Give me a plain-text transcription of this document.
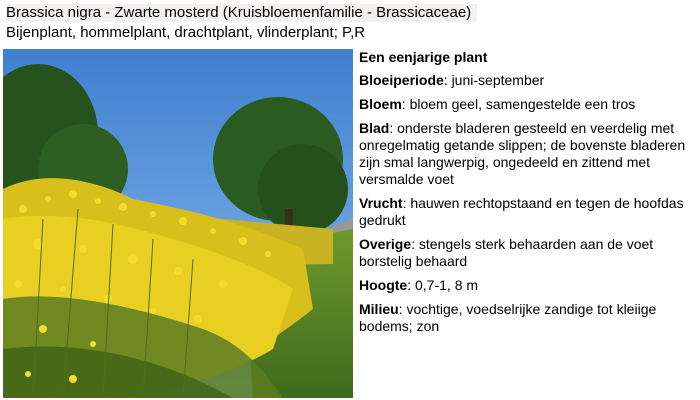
Brassica nigra - Zwarte mosterd (Kruisbloemenfamilie - Brassicaceae)
Bijenplant, hommelplant, drachtplant, vlinderplant; P,R
Een eenjarige plant
Bloeiperiode: juni-september
Bloem: bloem geel, samengestelde een tros
Blad: onderste bladeren gesteeld en veerdelig met onregelmatig getande slippen; de bovenste bladeren zijn smal langwerpig, ongedeeld en zittend met versmalde voet
Vrucht: hauwen rechtopstaand en tegen de hoofdas gedrukt
Overige: stengels sterk behaarden aan de voet borstelig behaard
Hoogte: 0,7-1, 8 m
Milieu: vochtige, voedselrijke zandige tot kleiige bodems; zon
